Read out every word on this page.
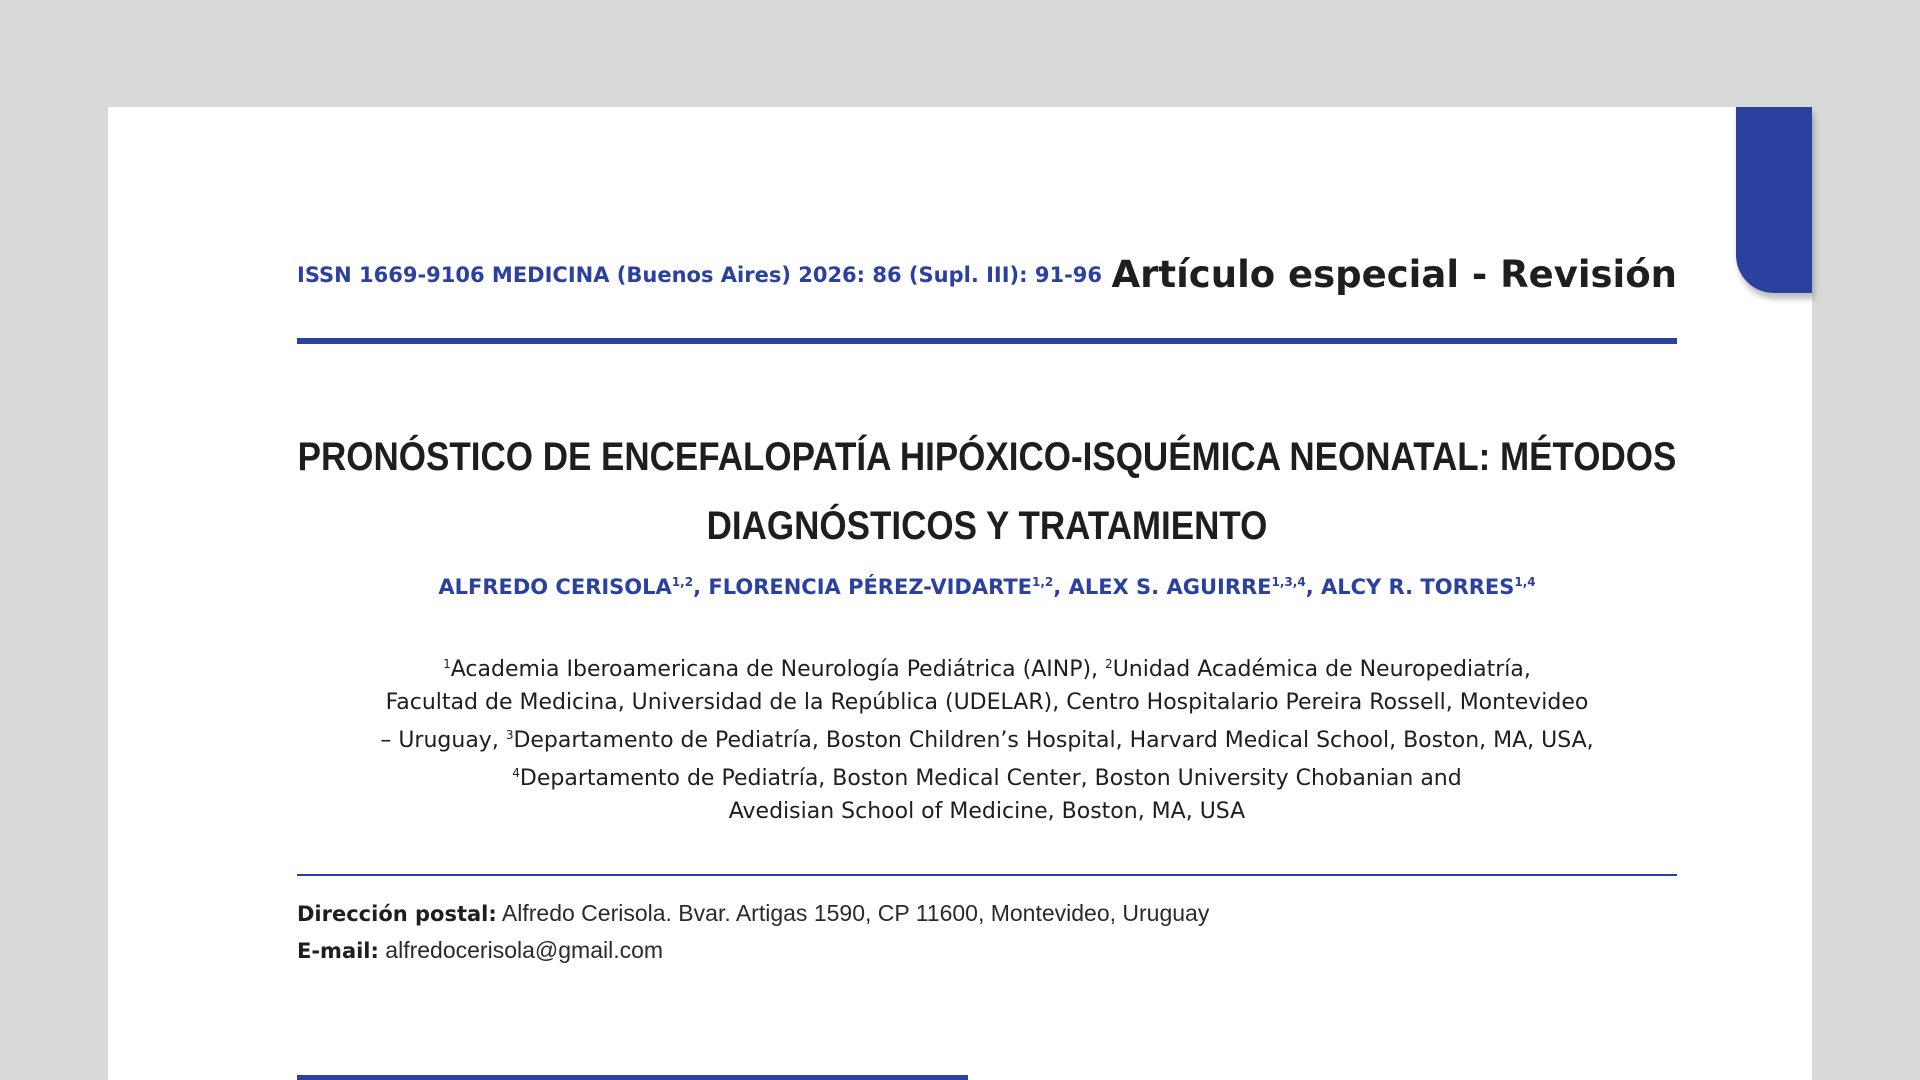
ISSN 1669-9106 MEDICINA (Buenos Aires) 2026: 86 (Supl. III): 91-96 Artículo especial - Revisión
PRONÓSTICO DE ENCEFALOPATÍA HIPÓXICO-ISQUÉMICA NEONATAL: MÉTODOS
DIAGNÓSTICOS Y TRATAMIENTO
ALFREDO CERISOLA$^{1,2}$, FLORENCIA PÉREZ-VIDARTE$^{1,2}$, ALEX S. AGUIRRE$^{1,3,4}$, ALCY R. TORRES$^{1,4}$
$^1$Academia Iberoamericana de Neurología Pediátrica (AINP), $^2$Unidad Académica de Neuropediatría,
Facultad de Medicina, Universidad de la República (UDELAR), Centro Hospitalario Pereira Rossell, Montevideo
– Uruguay, $^3$Departamento de Pediatría, Boston Children’s Hospital, Harvard Medical School, Boston, MA, USA,
$^4$Departamento de Pediatría, Boston Medical Center, Boston University Chobanian and
Avedisian School of Medicine, Boston, MA, USA
Dirección postal: Alfredo Cerisola. Bvar. Artigas 1590, CP 11600, Montevideo, Uruguay
E-mail: alfredocerisola@gmail.com
